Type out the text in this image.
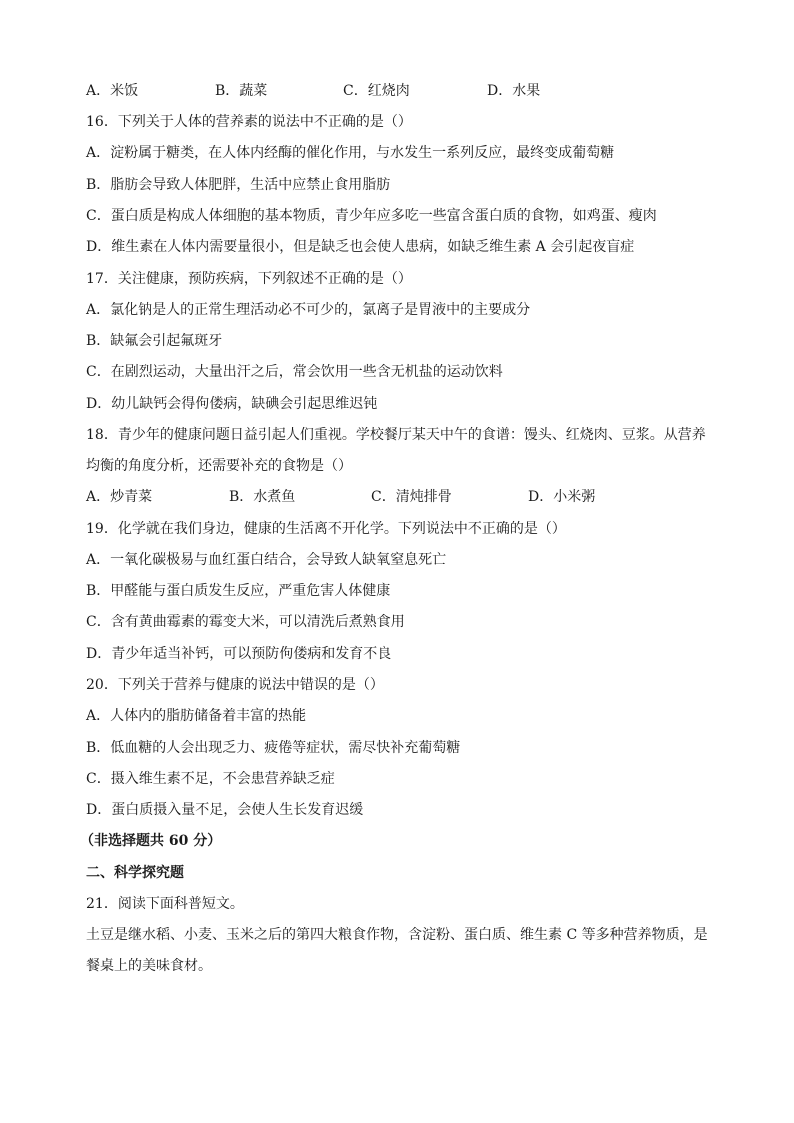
A．米饭	B．蔬菜	C．红烧肉	D．水果
16．下列关于人体的营养素的说法中不正确的是（）
A．淀粉属于糖类，在人体内经酶的催化作用，与水发生一系列反应，最终变成葡萄糖
B．脂肪会导致人体肥胖，生活中应禁止食用脂肪
C．蛋白质是构成人体细胞的基本物质，青少年应多吃一些富含蛋白质的食物，如鸡蛋、瘦肉
D．维生素在人体内需要量很小，但是缺乏也会使人患病，如缺乏维生素 A 会引起夜盲症
17．关注健康，预防疾病，下列叙述不正确的是（）
A．氯化钠是人的正常生理活动必不可少的，氯离子是胃液中的主要成分
B．缺氟会引起氟斑牙
C．在剧烈运动，大量出汗之后，常会饮用一些含无机盐的运动饮料
D．幼儿缺钙会得佝偻病，缺碘会引起思维迟钝
18．青少年的健康问题日益引起人们重视。学校餐厅某天中午的食谱：馒头、红烧肉、豆浆。从营养
均衡的角度分析，还需要补充的食物是（）
A．炒青菜	B．水煮鱼	C．清炖排骨	D．小米粥
19．化学就在我们身边，健康的生活离不开化学。下列说法中不正确的是（）
A．一氧化碳极易与血红蛋白结合，会导致人缺氧窒息死亡
B．甲醛能与蛋白质发生反应，严重危害人体健康
C．含有黄曲霉素的霉变大米，可以清洗后煮熟食用
D．青少年适当补钙，可以预防佝偻病和发育不良
20．下列关于营养与健康的说法中错误的是（）
A．人体内的脂肪储备着丰富的热能
B．低血糖的人会出现乏力、疲倦等症状，需尽快补充葡萄糖
C．摄入维生素不足，不会患营养缺乏症
D．蛋白质摄入量不足，会使人生长发育迟缓
（非选择题共 60 分）
二、科学探究题
21．阅读下面科普短文。
土豆是继水稻、小麦、玉米之后的第四大粮食作物，含淀粉、蛋白质、维生素 C 等多种营养物质，是
餐桌上的美味食材。
